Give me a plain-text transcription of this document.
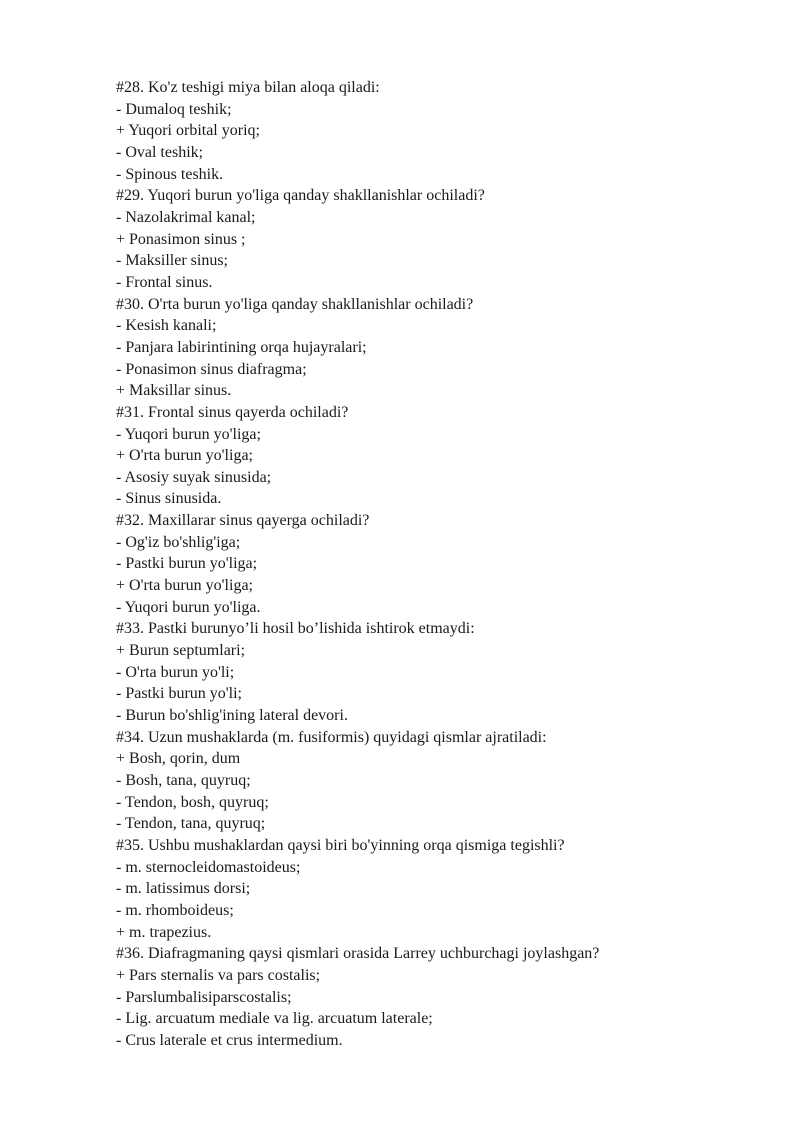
#28. Ko'z teshigi miya bilan aloqa qiladi:

- Dumaloq teshik;

+ Yuqori orbital yoriq;

- Oval teshik;

- Spinous teshik.

#29. Yuqori burun yo'liga qanday shakllanishlar ochiladi?

- Nazolakrimal kanal;

+ Ponasimon sinus ;

- Maksiller sinus;

- Frontal sinus.

#30. O'rta burun yo'liga qanday shakllanishlar ochiladi?

- Kesish kanali;

- Panjara labirintining orqa hujayralari;

- Ponasimon sinus diafragma;

+ Maksillar sinus.

#31. Frontal sinus qayerda ochiladi?

- Yuqori burun yo'liga;

+ O'rta burun yo'liga;

- Asosiy suyak sinusida;

- Sinus sinusida.

#32. Maxillarar sinus qayerga ochiladi?

- Og'iz bo'shlig'iga;

- Pastki burun yo'liga;

+ O'rta burun yo'liga;

- Yuqori burun yo'liga.

#33. Pastki burunyo’li hosil bo’lishida ishtirok etmaydi:

+ Burun septumlari;

- O'rta burun yo'li;

- Pastki burun yo'li;

- Burun bo'shlig'ining lateral devori.

#34. Uzun mushaklarda (m. fusiformis) quyidagi qismlar ajratiladi:

+ Bosh, qorin, dum

- Bosh, tana, quyruq;

- Tendon, bosh, quyruq;

- Tendon, tana, quyruq;

#35. Ushbu mushaklardan qaysi biri bo'yinning orqa qismiga tegishli?

- m. sternocleidomastoideus;

- m. latissimus dorsi;

- m. rhomboideus;

+ m. trapezius.

#36. Diafragmaning qaysi qismlari orasida Larrey uchburchagi joylashgan?

+ Pars sternalis va pars costalis;

- Parslumbalisiparscostalis;

- Lig. arcuatum mediale va lig. arcuatum laterale;

- Crus laterale et crus intermedium.
